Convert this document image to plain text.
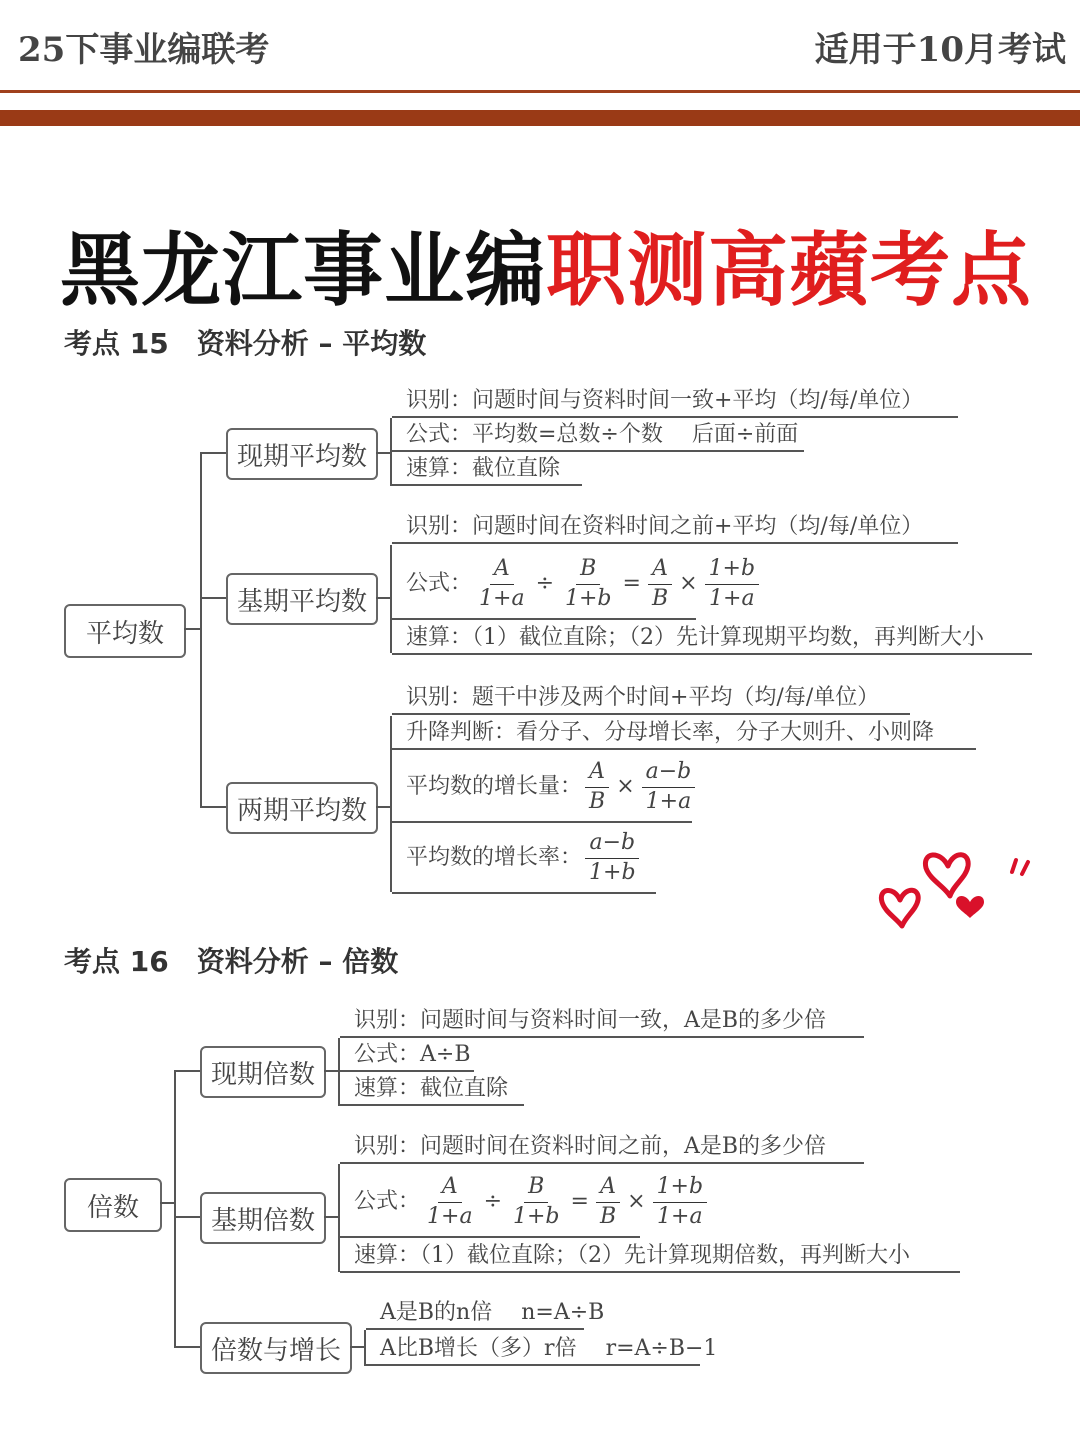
25下事业编联考	适用于10月考试
黑龙江事业编职测高蘋考点
考点 15 资料分析 – 平均数
平均数
现期平均数
识别：问题时间与资料时间一致+平均（均/每/单位）
公式：平均数=总数÷个数　 后面÷前面
速算：截位直除
基期平均数
识别：问题时间在资料时间之前+平均（均/每/单位）
公式： $\frac{A}{1+a} \div \frac{B}{1+b} = \frac{A}{B} \times \frac{1+b}{1+a}$
速算：（1）截位直除；（2）先计算现期平均数，再判断大小
两期平均数
识别：题干中涉及两个时间+平均（均/每/单位）
升降判断：看分子、分母增长率，分子大则升、小则降
平均数的增长量： $\frac{A}{B} \times \frac{a-b}{1+a}$
平均数的增长率： $\frac{a-b}{1+b}$
考点 16 资料分析 – 倍数
倍数
现期倍数
识别：问题时间与资料时间一致，A是B的多少倍
公式：A÷B
速算：截位直除
基期倍数
识别：问题时间在资料时间之前，A是B的多少倍
公式： $\frac{A}{1+a} \div \frac{B}{1+b} = \frac{A}{B} \times \frac{1+b}{1+a}$
速算：（1）截位直除；（2）先计算现期倍数，再判断大小
倍数与增长
A是B的n倍　 n=A÷B
A比B增长（多）r倍　 r=A÷B−1
